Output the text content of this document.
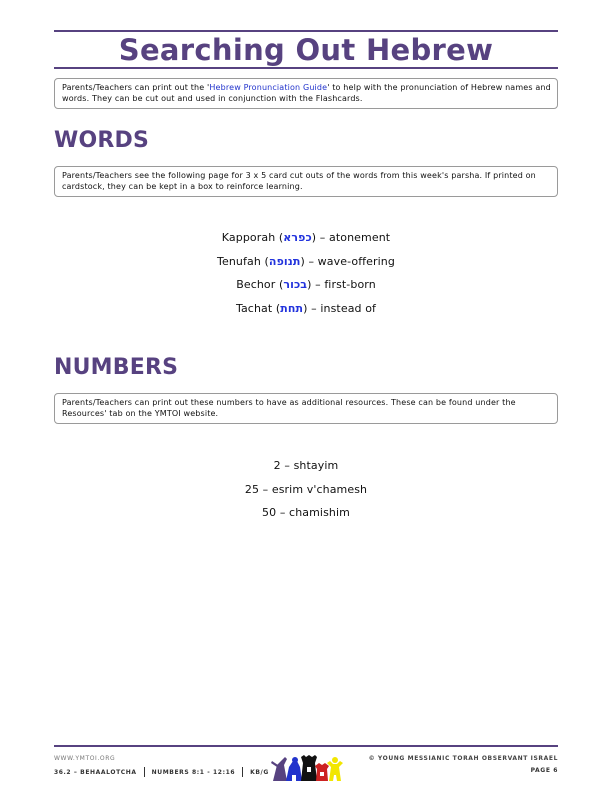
Searching Out Hebrew
Parents/Teachers can print out the 'Hebrew Pronunciation Guide' to help with the pronunciation of Hebrew names and words. They can be cut out and used in conjunction with the Flashcards.
WORDS
Parents/Teachers see the following page for 3 x 5 card cut outs of the words from this week's parsha. If printed on cardstock, they can be kept in a box to reinforce learning.
Kapporah (כפרא) – atonement
Tenufah (תנופה) – wave-offering
Bechor (בכור) – first-born
Tachat (תחת) – instead of
NUMBERS
Parents/Teachers can print out these numbers to have as additional resources. These can be found under the Resources' tab on the YMTOI website.
2 – shtayim
25 – esrim v'chamesh
50 – chamishim
WWW.YMTOI.ORG
36.2 – BEHAALOTCHA	NUMBERS 8:1 - 12:16	KB/G
© YOUNG MESSIANIC TORAH OBSERVANT ISRAEL
PAGE 6
